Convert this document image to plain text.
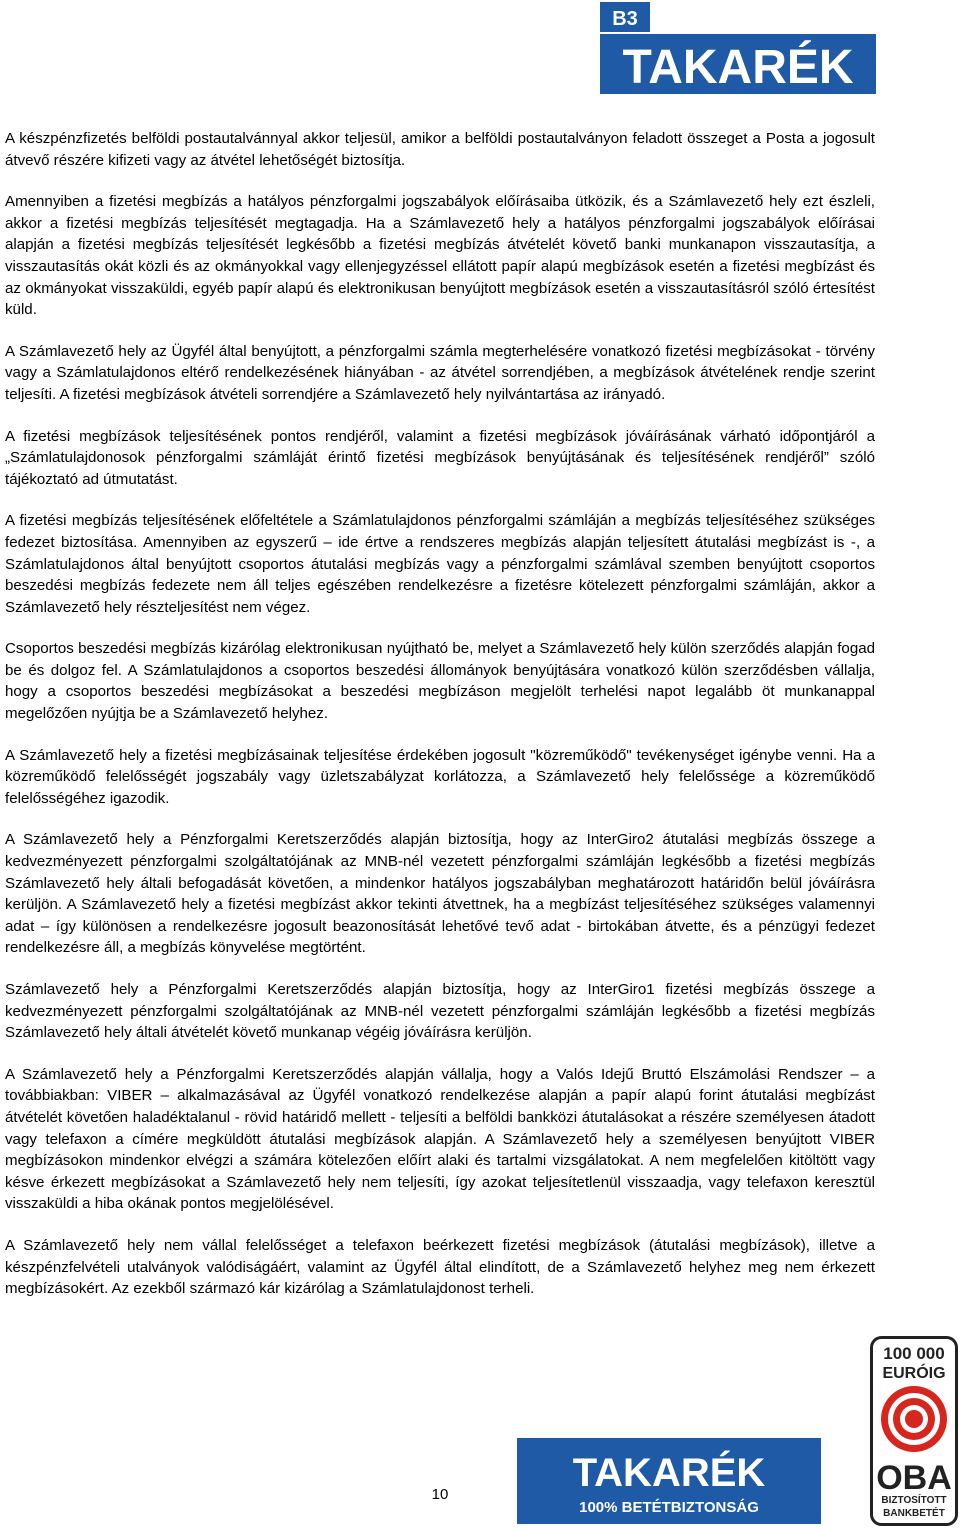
B3
TAKARÉK

A készpénzfizetés belföldi postautalvánnyal akkor teljesül, amikor a belföldi postautalványon feladott összeget a Posta a jogosult átvevő részére kifizeti vagy az átvétel lehetőségét biztosítja.

Amennyiben a fizetési megbízás a hatályos pénzforgalmi jogszabályok előírásaiba ütközik, és a Számlavezető hely ezt észleli, akkor a fizetési megbízás teljesítését megtagadja. Ha a Számlavezető hely a hatályos pénzforgalmi jogszabályok előírásai alapján a fizetési megbízás teljesítését legkésőbb a fizetési megbízás átvételét követő banki munkanapon visszautasítja, a visszautasítás okát közli és az okmányokkal vagy ellenjegyzéssel ellátott papír alapú megbízások esetén a fizetési megbízást és az okmányokat visszaküldi, egyéb papír alapú és elektronikusan benyújtott megbízások esetén a visszautasításról szóló értesítést küld.

A Számlavezető hely az Ügyfél által benyújtott, a pénzforgalmi számla megterhelésére vonatkozó fizetési megbízásokat - törvény vagy a Számlatulajdonos eltérő rendelkezésének hiányában - az átvétel sorrendjében, a megbízások átvételének rendje szerint teljesíti. A fizetési megbízások átvételi sorrendjére a Számlavezető hely nyilvántartása az irányadó.

A fizetési megbízások teljesítésének pontos rendjéről, valamint a fizetési megbízások jóváírásának várható időpontjáról a „Számlatulajdonosok pénzforgalmi számláját érintő fizetési megbízások benyújtásának és teljesítésének rendjéről” szóló tájékoztató ad útmutatást.

A fizetési megbízás teljesítésének előfeltétele a Számlatulajdonos pénzforgalmi számláján a megbízás teljesítéséhez szükséges fedezet biztosítása. Amennyiben az egyszerű – ide értve a rendszeres megbízás alapján teljesített átutalási megbízást is -, a Számlatulajdonos által benyújtott csoportos átutalási megbízás vagy a pénzforgalmi számlával szemben benyújtott csoportos beszedési megbízás fedezete nem áll teljes egészében rendelkezésre a fizetésre kötelezett pénzforgalmi számláján, akkor a Számlavezető hely részteljesítést nem végez.

Csoportos beszedési megbízás kizárólag elektronikusan nyújtható be, melyet a Számlavezető hely külön szerződés alapján fogad be és dolgoz fel. A Számlatulajdonos a csoportos beszedési állományok benyújtására vonatkozó külön szerződésben vállalja, hogy a csoportos beszedési megbízásokat a beszedési megbízáson megjelölt terhelési napot legalább öt munkanappal megelőzően nyújtja be a Számlavezető helyhez.

A Számlavezető hely a fizetési megbízásainak teljesítése érdekében jogosult "közreműködő" tevékenységet igénybe venni. Ha a közreműködő felelősségét jogszabály vagy üzletszabályzat korlátozza, a Számlavezető hely felelőssége a közreműködő felelősségéhez igazodik.

A Számlavezető hely a Pénzforgalmi Keretszerződés alapján biztosítja, hogy az InterGiro2 átutalási megbízás összege a kedvezményezett pénzforgalmi szolgáltatójának az MNB-nél vezetett pénzforgalmi számláján legkésőbb a fizetési megbízás Számlavezető hely általi befogadását követően, a mindenkor hatályos jogszabályban meghatározott határidőn belül jóváírásra kerüljön. A Számlavezető hely a fizetési megbízást akkor tekinti átvettnek, ha a megbízást teljesítéséhez szükséges valamennyi adat – így különösen a rendelkezésre jogosult beazonosítását lehetővé tevő adat - birtokában átvette, és a pénzügyi fedezet rendelkezésre áll, a megbízás könyvelése megtörtént.

Számlavezető hely a Pénzforgalmi Keretszerződés alapján biztosítja, hogy az InterGiro1 fizetési megbízás összege a kedvezményezett pénzforgalmi szolgáltatójának az MNB-nél vezetett pénzforgalmi számláján legkésőbb a fizetési megbízás Számlavezető hely általi átvételét követő munkanap végéig jóváírásra kerüljön.

A Számlavezető hely a Pénzforgalmi Keretszerződés alapján vállalja, hogy a Valós Idejű Bruttó Elszámolási Rendszer – a továbbiakban: VIBER – alkalmazásával az Ügyfél vonatkozó rendelkezése alapján a papír alapú forint átutalási megbízást átvételét követően haladéktalanul - rövid határidő mellett - teljesíti a belföldi bankközi átutalásokat a részére személyesen átadott vagy telefaxon a címére megküldött átutalási megbízások alapján. A Számlavezető hely a személyesen benyújtott VIBER megbízásokon mindenkor elvégzi a számára kötelezően előírt alaki és tartalmi vizsgálatokat. A nem megfelelően kitöltött vagy késve érkezett megbízásokat a Számlavezető hely nem teljesíti, így azokat teljesítetlenül visszaadja, vagy telefaxon keresztül visszaküldi a hiba okának pontos megjelölésével.

A Számlavezető hely nem vállal felelősséget a telefaxon beérkezett fizetési megbízások (átutalási megbízások), illetve a készpénzfelvételi utalványok valódiságáért, valamint az Ügyfél által elindított, de a Számlavezető helyhez meg nem érkezett megbízásokért. Az ezekből származó kár kizárólag a Számlatulajdonost terheli.

100 000
EURÓIG
OBA
BIZTOSÍTOTT
BANKBETÉT
TAKARÉK
100% BETÉTBIZTONSÁG
10
